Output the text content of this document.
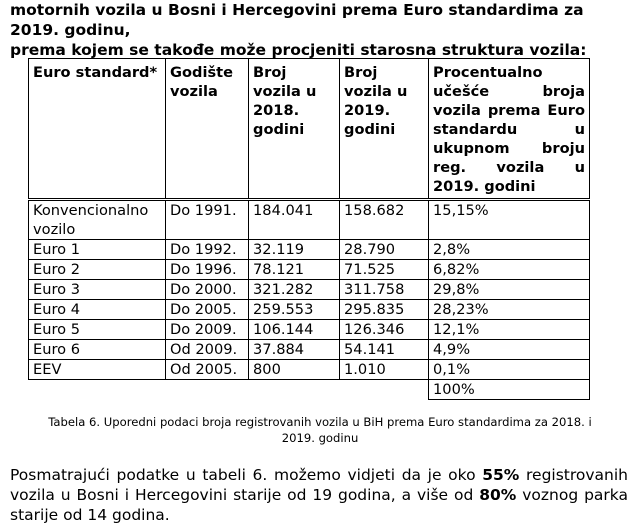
motornih vozila u Bosni i Hercegovini prema Euro standardima za 2019. godinu,
prema kojem se takođe može procjeniti starosna struktura vozila:

Euro standard*	Godište vozila	Broj vozila u 2018. godini	Broj vozila u 2019. godini	Procentualno učešće broja vozila prema Euro standardu u ukupnom broju reg. vozila u 2019. godini

Konvencionalno vozilo	Do 1991.	184.041	158.682	15,15%
Euro 1	Do 1992.	32.119	28.790	2,8%
Euro 2	Do 1996.	78.121	71.525	6,82%
Euro 3	Do 2000.	321.282	311.758	29,8%
Euro 4	Do 2005.	259.553	295.835	28,23%
Euro 5	Do 2009.	106.144	126.346	12,1%
Euro 6	Od 2009.	37.884	54.141	4,9%
EEV	Od 2005.	800	1.010	0,1%
				100%

Tabela 6. Uporedni podaci broja registrovanih vozila u BiH prema Euro standardima za 2018. i
2019. godinu

Posmatrajući podatke u tabeli 6. možemo vidjeti da je oko 55% registrovanih vozila u Bosni i Hercegovini starije od 19 godina, a više od 80% voznog parka starije od 14 godina.
